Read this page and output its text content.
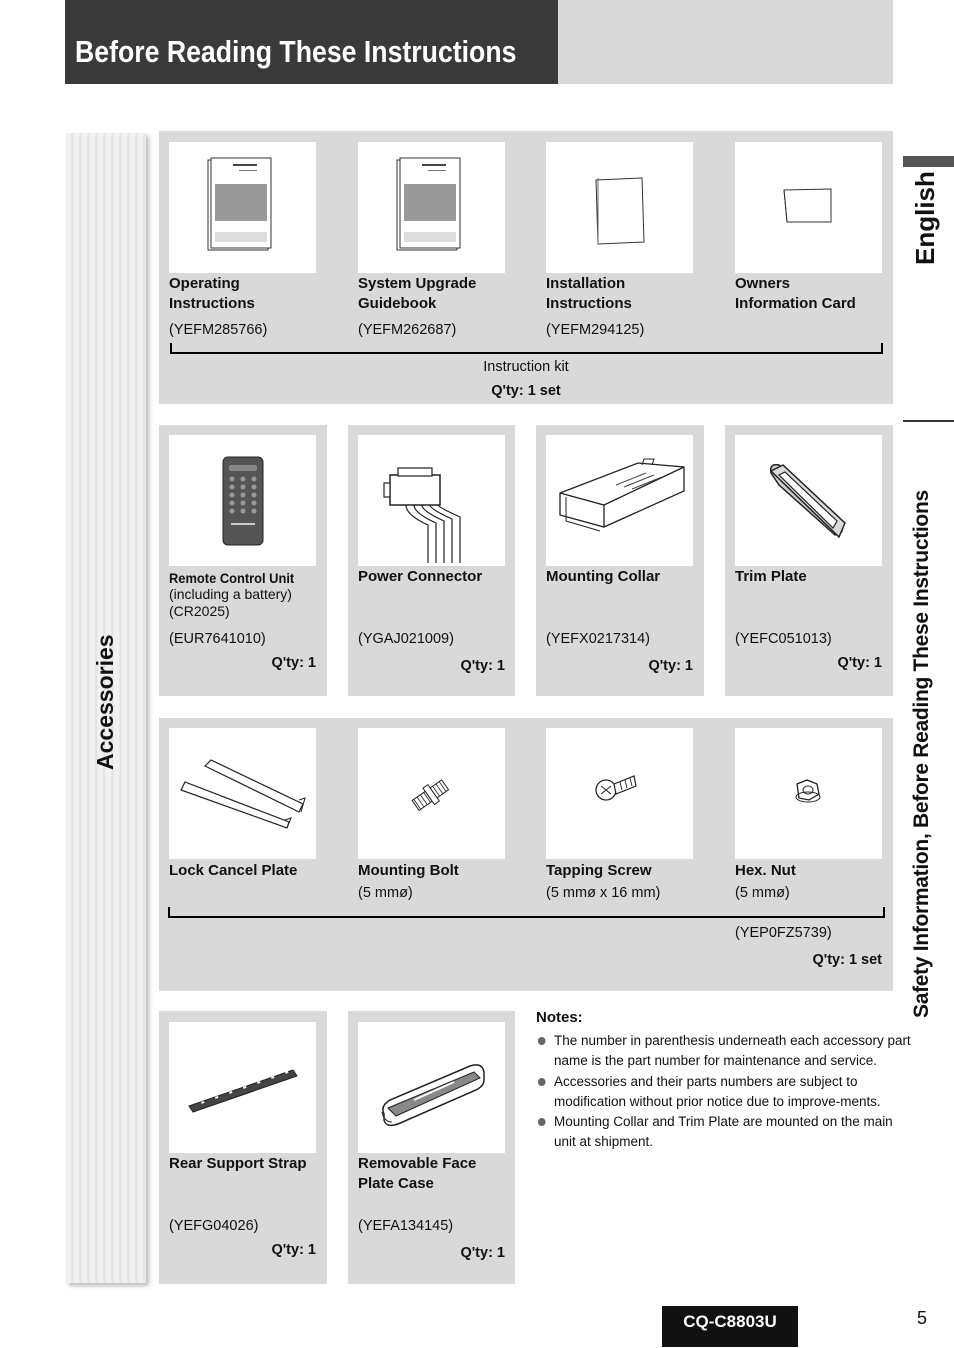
Before Reading These Instructions
Accessories
English
Safety Information, Before Reading These Instructions
Operating
Instructions
System Upgrade
Guidebook
Installation
Instructions
Owners
Information Card
(YEFM285766)	(YEFM262687)	(YEFM294125)
Instruction kit
Q'ty: 1 set
Remote Control Unit
(including a battery)
(CR2025)
Power Connector	Mounting Collar	Trim Plate
(EUR7641010)	(YGAJ021009)	(YEFX0217314)	(YEFC051013)
Q'ty: 1	Q'ty: 1	Q'ty: 1	Q'ty: 1
Lock Cancel Plate	Mounting Bolt	Tapping Screw	Hex. Nut
(5 mmø)	(5 mmø x 16 mm)	(5 mmø)
(YEP0FZ5739)
Q'ty: 1 set
Rear Support Strap	Removable Face
Plate Case
(YEFG04026)	(YEFA134145)
Q'ty: 1	Q'ty: 1
Notes:
The number in parenthesis underneath each accessory part name is the part number for maintenance and service.
Accessories and their parts numbers are subject to modification without prior notice due to improve-ments.
Mounting Collar and Trim Plate are mounted on the main unit at shipment.
CQ-C8803U	5
